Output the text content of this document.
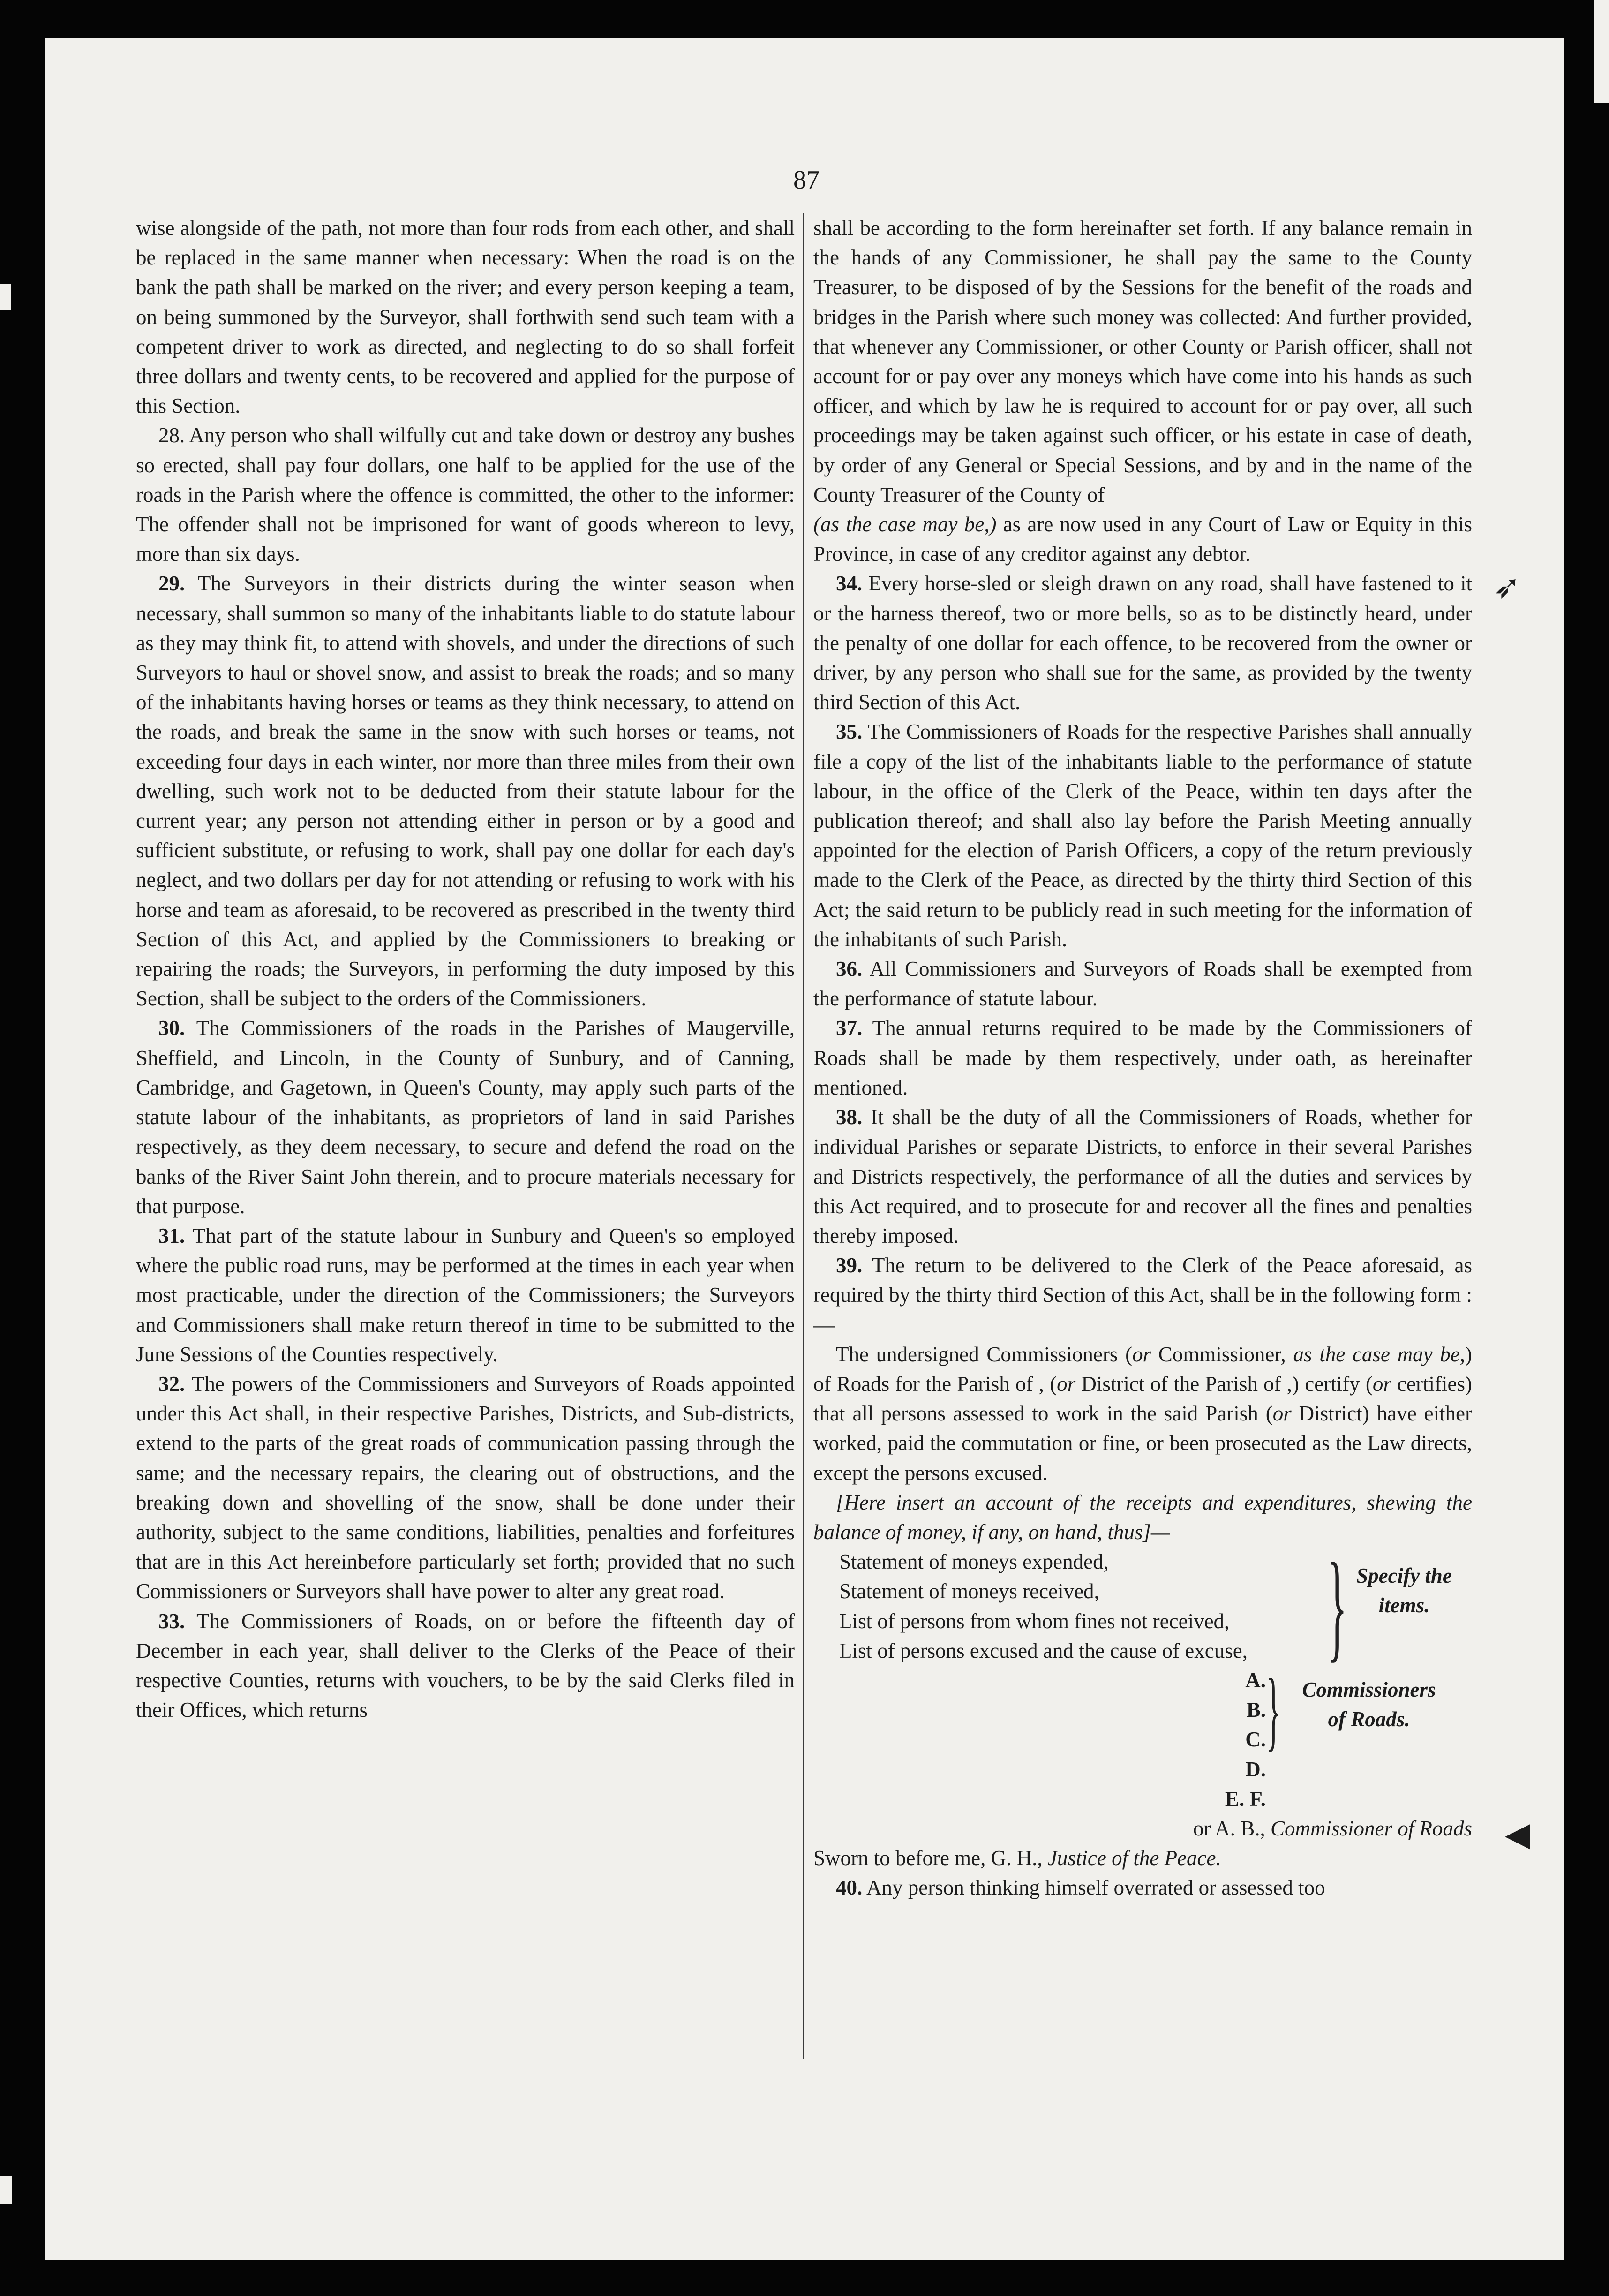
87
➶
◀

wise alongside of the path, not more than four rods from each other, and shall be replaced in the same manner when necessary: When the road is on the bank the path shall be marked on the river; and every person keeping a team, on being summoned by the Surveyor, shall forthwith send such team with a competent driver to work as directed, and neglecting to do so shall forfeit three dollars and twenty cents, to be recovered and applied for the purpose of this Section.

28. Any person who shall wilfully cut and take down or destroy any bushes so erected, shall pay four dollars, one half to be applied for the use of the roads in the Parish where the offence is committed, the other to the informer: The offender shall not be imprisoned for want of goods whereon to levy, more than six days.

29. The Surveyors in their districts during the winter season when necessary, shall summon so many of the inhabitants liable to do statute labour as they may think fit, to attend with shovels, and under the directions of such Surveyors to haul or shovel snow, and assist to break the roads; and so many of the inhabitants having horses or teams as they think necessary, to attend on the roads, and break the same in the snow with such horses or teams, not exceeding four days in each winter, nor more than three miles from their own dwelling, such work not to be deducted from their statute labour for the current year; any person not attending either in person or by a good and sufficient substitute, or refusing to work, shall pay one dollar for each day's neglect, and two dollars per day for not attending or refusing to work with his horse and team as aforesaid, to be recovered as prescribed in the twenty third Section of this Act, and applied by the Commissioners to breaking or repairing the roads; the Surveyors, in performing the duty imposed by this Section, shall be subject to the orders of the Commissioners.

30. The Commissioners of the roads in the Parishes of Maugerville, Sheffield, and Lincoln, in the County of Sunbury, and of Canning, Cambridge, and Gagetown, in Queen's County, may apply such parts of the statute labour of the inhabitants, as proprietors of land in said Parishes respectively, as they deem necessary, to secure and defend the road on the banks of the River Saint John therein, and to procure materials necessary for that purpose.

31. That part of the statute labour in Sunbury and Queen's so employed where the public road runs, may be performed at the times in each year when most practicable, under the direction of the Commissioners; the Surveyors and Commissioners shall make return thereof in time to be submitted to the June Sessions of the Counties respectively.

32. The powers of the Commissioners and Surveyors of Roads appointed under this Act shall, in their respective Parishes, Districts, and Sub-districts, extend to the parts of the great roads of communication passing through the same; and the necessary repairs, the clearing out of obstructions, and the breaking down and shovelling of the snow, shall be done under their authority, subject to the same conditions, liabilities, penalties and forfeitures that are in this Act hereinbefore particularly set forth; provided that no such Commissioners or Surveyors shall have power to alter any great road.

33. The Commissioners of Roads, on or before the fifteenth day of December in each year, shall deliver to the Clerks of the Peace of their respective Counties, returns with vouchers, to be by the said Clerks filed in their Offices, which returns

shall be according to the form hereinafter set forth. If any balance remain in the hands of any Commissioner, he shall pay the same to the County Treasurer, to be disposed of by the Sessions for the benefit of the roads and bridges in the Parish where such money was collected: And further provided, that whenever any Commissioner, or other County or Parish officer, shall not account for or pay over any moneys which have come into his hands as such officer, and which by law he is required to account for or pay over, all such proceedings may be taken against such officer, or his estate in case of death, by order of any General or Special Sessions, and by and in the name of the County Treasurer of the County of

(as the case may be,) as are now used in any Court of Law or Equity in this Province, in case of any creditor against any debtor.

34. Every horse-sled or sleigh drawn on any road, shall have fastened to it or the harness thereof, two or more bells, so as to be distinctly heard, under the penalty of one dollar for each offence, to be recovered from the owner or driver, by any person who shall sue for the same, as provided by the twenty third Section of this Act.

35. The Commissioners of Roads for the respective Parishes shall annually file a copy of the list of the inhabitants liable to the performance of statute labour, in the office of the Clerk of the Peace, within ten days after the publication thereof; and shall also lay before the Parish Meeting annually appointed for the election of Parish Officers, a copy of the return previously made to the Clerk of the Peace, as directed by the thirty third Section of this Act; the said return to be publicly read in such meeting for the information of the inhabitants of such Parish.

36. All Commissioners and Surveyors of Roads shall be exempted from the performance of statute labour.

37. The annual returns required to be made by the Commissioners of Roads shall be made by them respectively, under oath, as hereinafter mentioned.

38. It shall be the duty of all the Commissioners of Roads, whether for individual Parishes or separate Districts, to enforce in their several Parishes and Districts respectively, the performance of all the duties and services by this Act required, and to prosecute for and recover all the fines and penalties thereby imposed.

39. The return to be delivered to the Clerk of the Peace aforesaid, as required by the thirty third Section of this Act, shall be in the following form :—

The undersigned Commissioners (or Commissioner, as the case may be,) of Roads for the Parish of , (or District of the Parish of ,) certify (or certifies) that all persons assessed to work in the said Parish (or District) have either worked, paid the commutation or fine, or been prosecuted as the Law directs, except the persons excused.

[Here insert an account of the receipts and expenditures, shewing the balance of money, if any, on hand, thus]—

Statement of moneys expended,
Statement of moneys received,
List of persons from whom fines not received,
List of persons excused and the cause of excuse, } Specify the items.
A. B.
C. D.
E. F.
}	Commissioners
of Roads.
or A. B., Commissioner of Roads
Sworn to before me, G. H., Justice of the Peace.

40. Any person thinking himself overrated or assessed too
